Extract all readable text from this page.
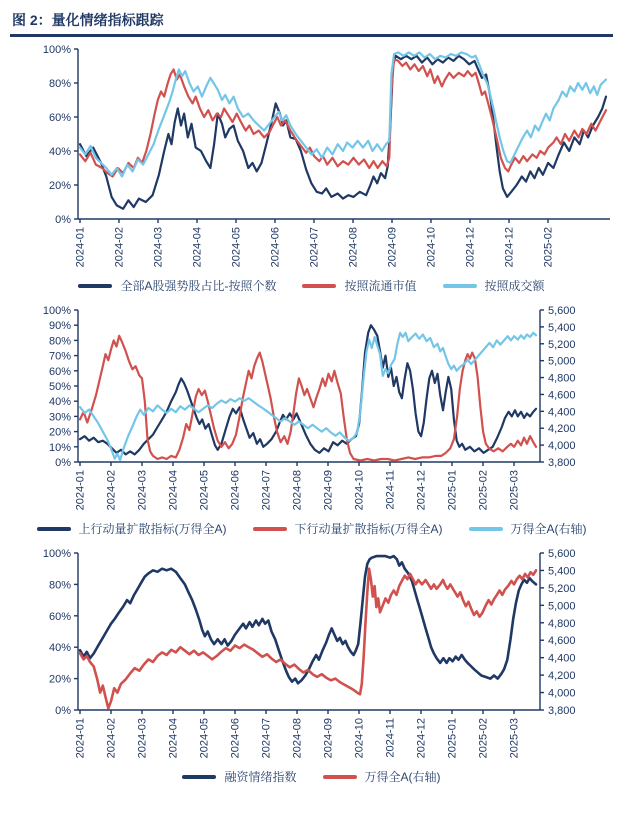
图 2：量化情绪指标跟踪
0%
20%
40%
60%
80%
100%
2024-01 2024-02 2024-03 2024-04 2024-05 2024-06 2024-07 2024-08 2024-09 2024-10 2024-12 2024-12 2025-02
全部A股强势股占比-按照个数	按照流通市值	按照成交额
0%
10%
20%
30%
40%
50%
60%
70%
80%
90%
100%
3,800
4,000
4,200
4,400
4,600
4,800
5,000
5,200
5,400
5,600
2024-01 2024-02 2024-03 2024-04 2024-05 2024-06 2024-07 2024-08 2024-09 2024-10 2024-11 2024-12 2025-01 2025-02 2025-03
上行动量扩散指标(万得全A)	下行动量扩散指标(万得全A)	万得全A(右轴)
0%
20%
40%
60%
80%
100%
3,800
4,000
4,200
4,400
4,600
4,800
5,000
5,200
5,400
5,600
2024-01 2024-02 2024-03 2024-04 2024-05 2024-06 2024-07 2024-08 2024-09 2024-10 2024-11 2024-12 2025-01 2025-02 2025-03
融资情绪指数	万得全A(右轴)
